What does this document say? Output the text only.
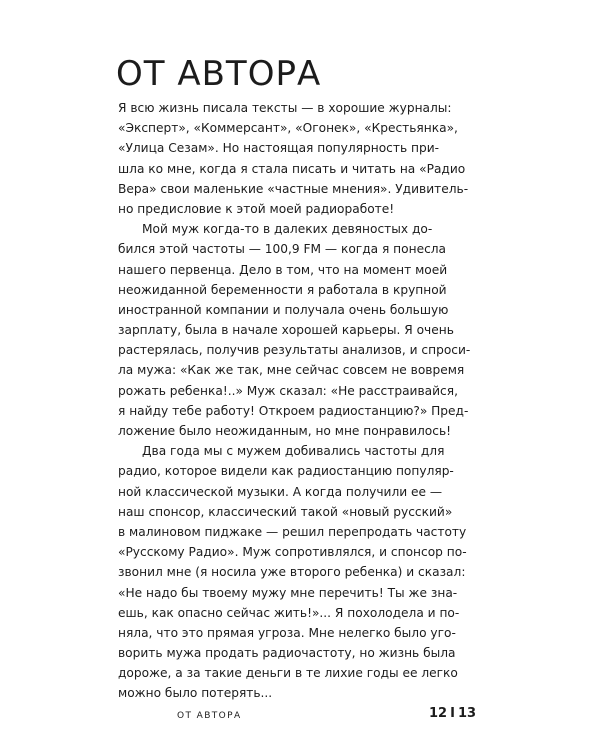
ОТ АВТОРА
Я всю жизнь писала тексты — в хорошие журналы:
«Эксперт», «Коммерсант», «Огонек», «Крестьянка»,
«Улица Сезам». Но настоящая популярность при-
шла ко мне, когда я стала писать и читать на «Радио
Вера» свои маленькие «частные мнения». Удивитель-
но предисловие к этой моей радиоработе!
Мой муж когда-то в далеких девяностых до-
бился этой частоты — 100,9 FM — когда я понесла
нашего первенца. Дело в том, что на момент моей
неожиданной беременности я работала в крупной
иностранной компании и получала очень большую
зарплату, была в начале хорошей карьеры. Я очень
растерялась, получив результаты анализов, и спроси-
ла мужа: «Как же так, мне сейчас совсем не вовремя
рожать ребенка!..» Муж сказал: «Не расстраивайся,
я найду тебе работу! Откроем радиостанцию?» Пред-
ложение было неожиданным, но мне понравилось!
Два года мы с мужем добивались частоты для
радио, которое видели как радиостанцию популяр-
ной классической музыки. А когда получили ее —
наш спонсор, классический такой «новый русский»
в малиновом пиджаке — решил перепродать частоту
«Русскому Радио». Муж сопротивлялся, и спонсор по-
звонил мне (я носила уже второго ребенка) и сказал:
«Не надо бы твоему мужу мне перечить! Ты же зна-
ешь, как опасно сейчас жить!»... Я похолодела и по-
няла, что это прямая угроза. Мне нелегко было уго-
ворить мужа продать радиочастоту, но жизнь была
дороже, а за такие деньги в те лихие годы ее легко
можно было потерять...
ОТ АВТОРА	12 I 13
